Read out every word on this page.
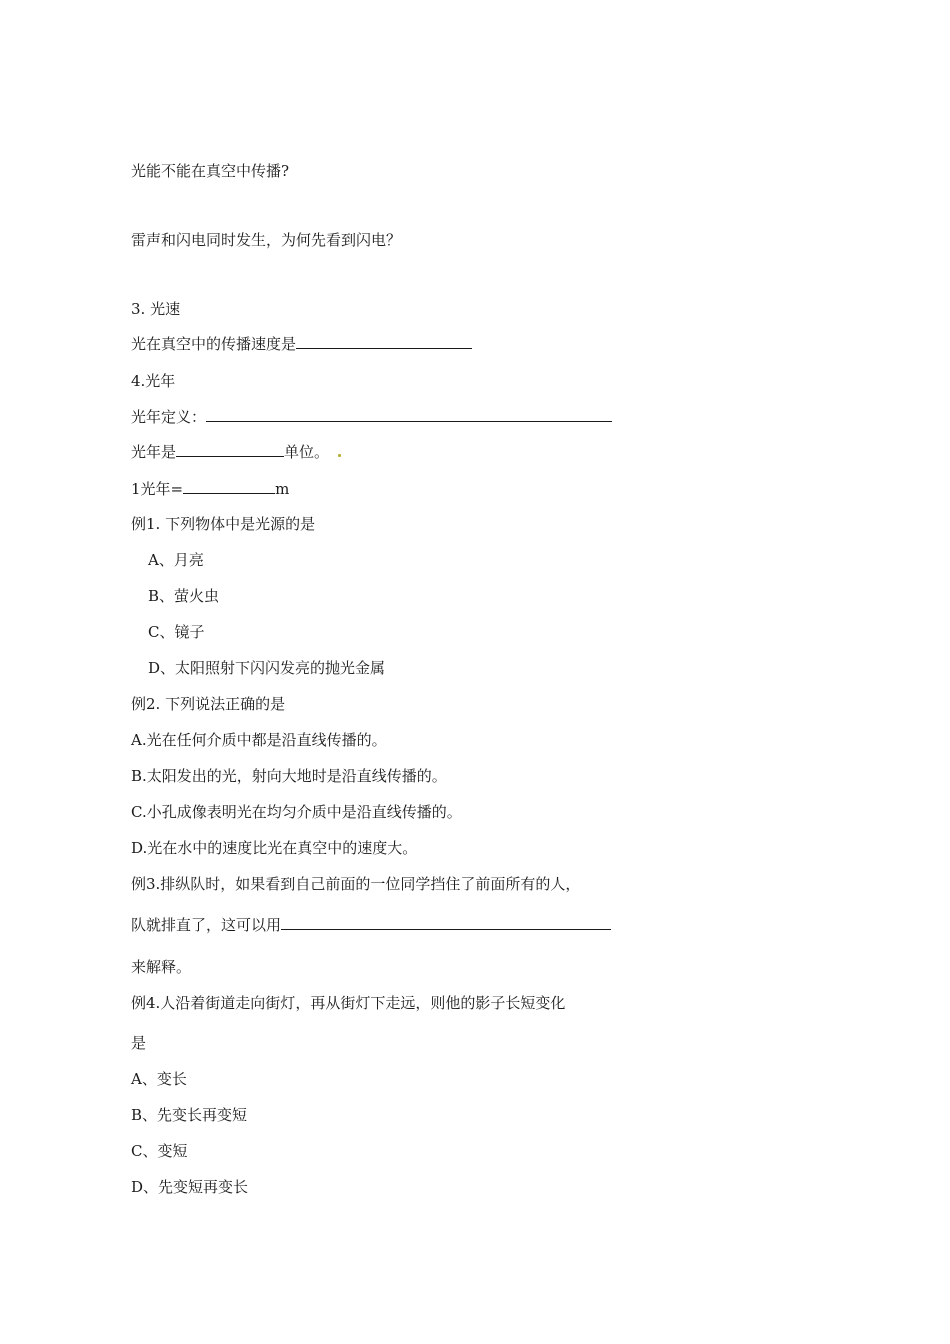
光能不能在真空中传播?
雷声和闪电同时发生，为何先看到闪电？
3. 光速
光在真空中的传播速度是
4.光年
光年定义：
光年是	单位。
1光年=	m
例1. 下列物体中是光源的是
A、月亮
B、萤火虫
C、镜子
D、太阳照射下闪闪发亮的抛光金属
例2. 下列说法正确的是
A.光在任何介质中都是沿直线传播的。
B.太阳发出的光，射向大地时是沿直线传播的。
C.小孔成像表明光在均匀介质中是沿直线传播的。
D.光在水中的速度比光在真空中的速度大。
例3.排纵队时，如果看到自己前面的一位同学挡住了前面所有的人，
队就排直了，这可以用
来解释。
例4.人沿着街道走向街灯，再从街灯下走远，则他的影子长短变化
是
A、变长
B、先变长再变短
C、变短
D、先变短再变长
